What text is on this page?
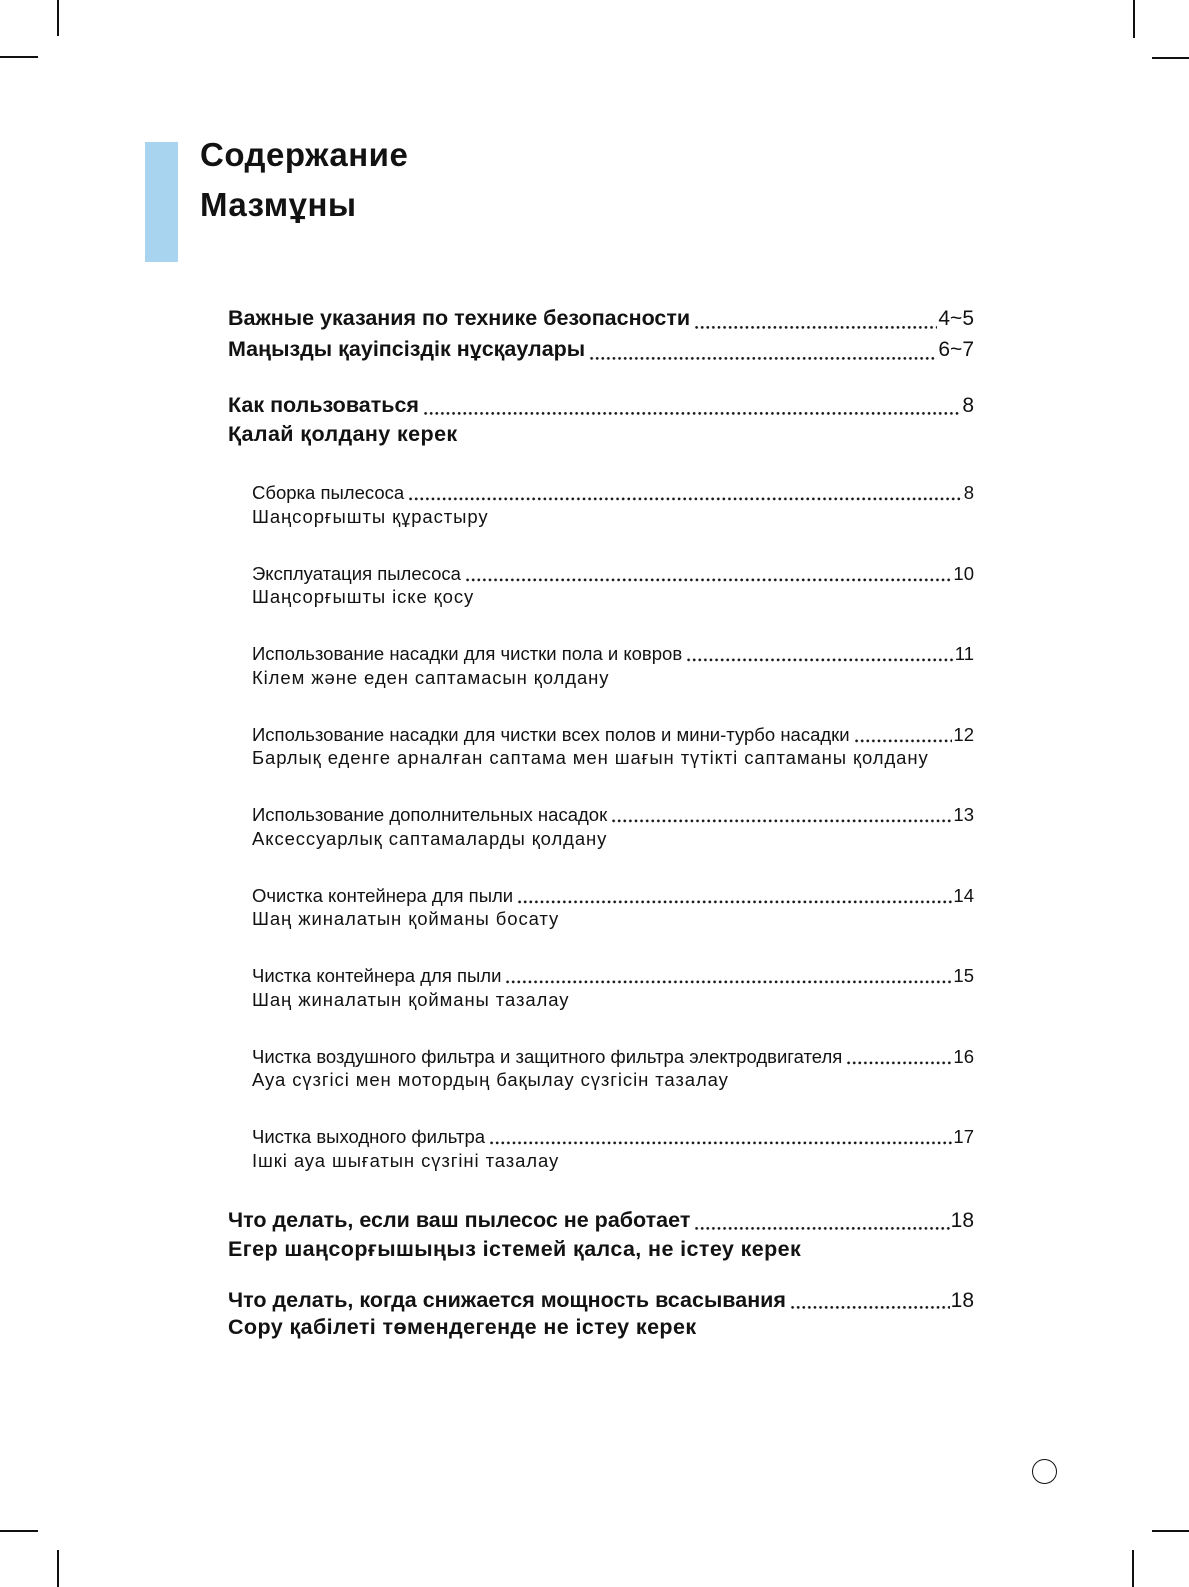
Содержание
Мазмұны
Важные указания по технике безопасности	4~5
Маңызды қауіпсіздік нұсқаулары	6~7
Как пользоваться	8
Қалай қолдану керек
Сборка пылесоса	8
Шаңсорғышты құрастыру
Эксплуатация пылесоса	10
Шаңсорғышты іске қосу
Использование насадки для чистки пола и ковров	11
Кілем және еден саптамасын қолдану
Использование насадки для чистки всех полов и мини-турбо насадки	12
Барлық еденге арналған саптама мен шағын түтікті саптаманы қолдану
Использование дополнительных насадок	13
Аксессуарлық саптамаларды қолдану
Очистка контейнера для пыли	14
Шаң жиналатын қойманы босату
Чистка контейнера для пыли	15
Шаң жиналатын қойманы тазалау
Чистка воздушного фильтра и защитного фильтра электродвигателя	16
Ауа сүзгісі мен мотордың бақылау сүзгісін тазалау
Чистка выходного фильтра	17
Ішкі ауа шығатын сүзгіні тазалау
Что делать, если ваш пылесос не работает	18
Егер шаңсорғышыңыз істемей қалса, не істеу керек
Что делать, когда снижается мощность всасывания	18
Сору қабілеті төмендегенде не істеу керек
